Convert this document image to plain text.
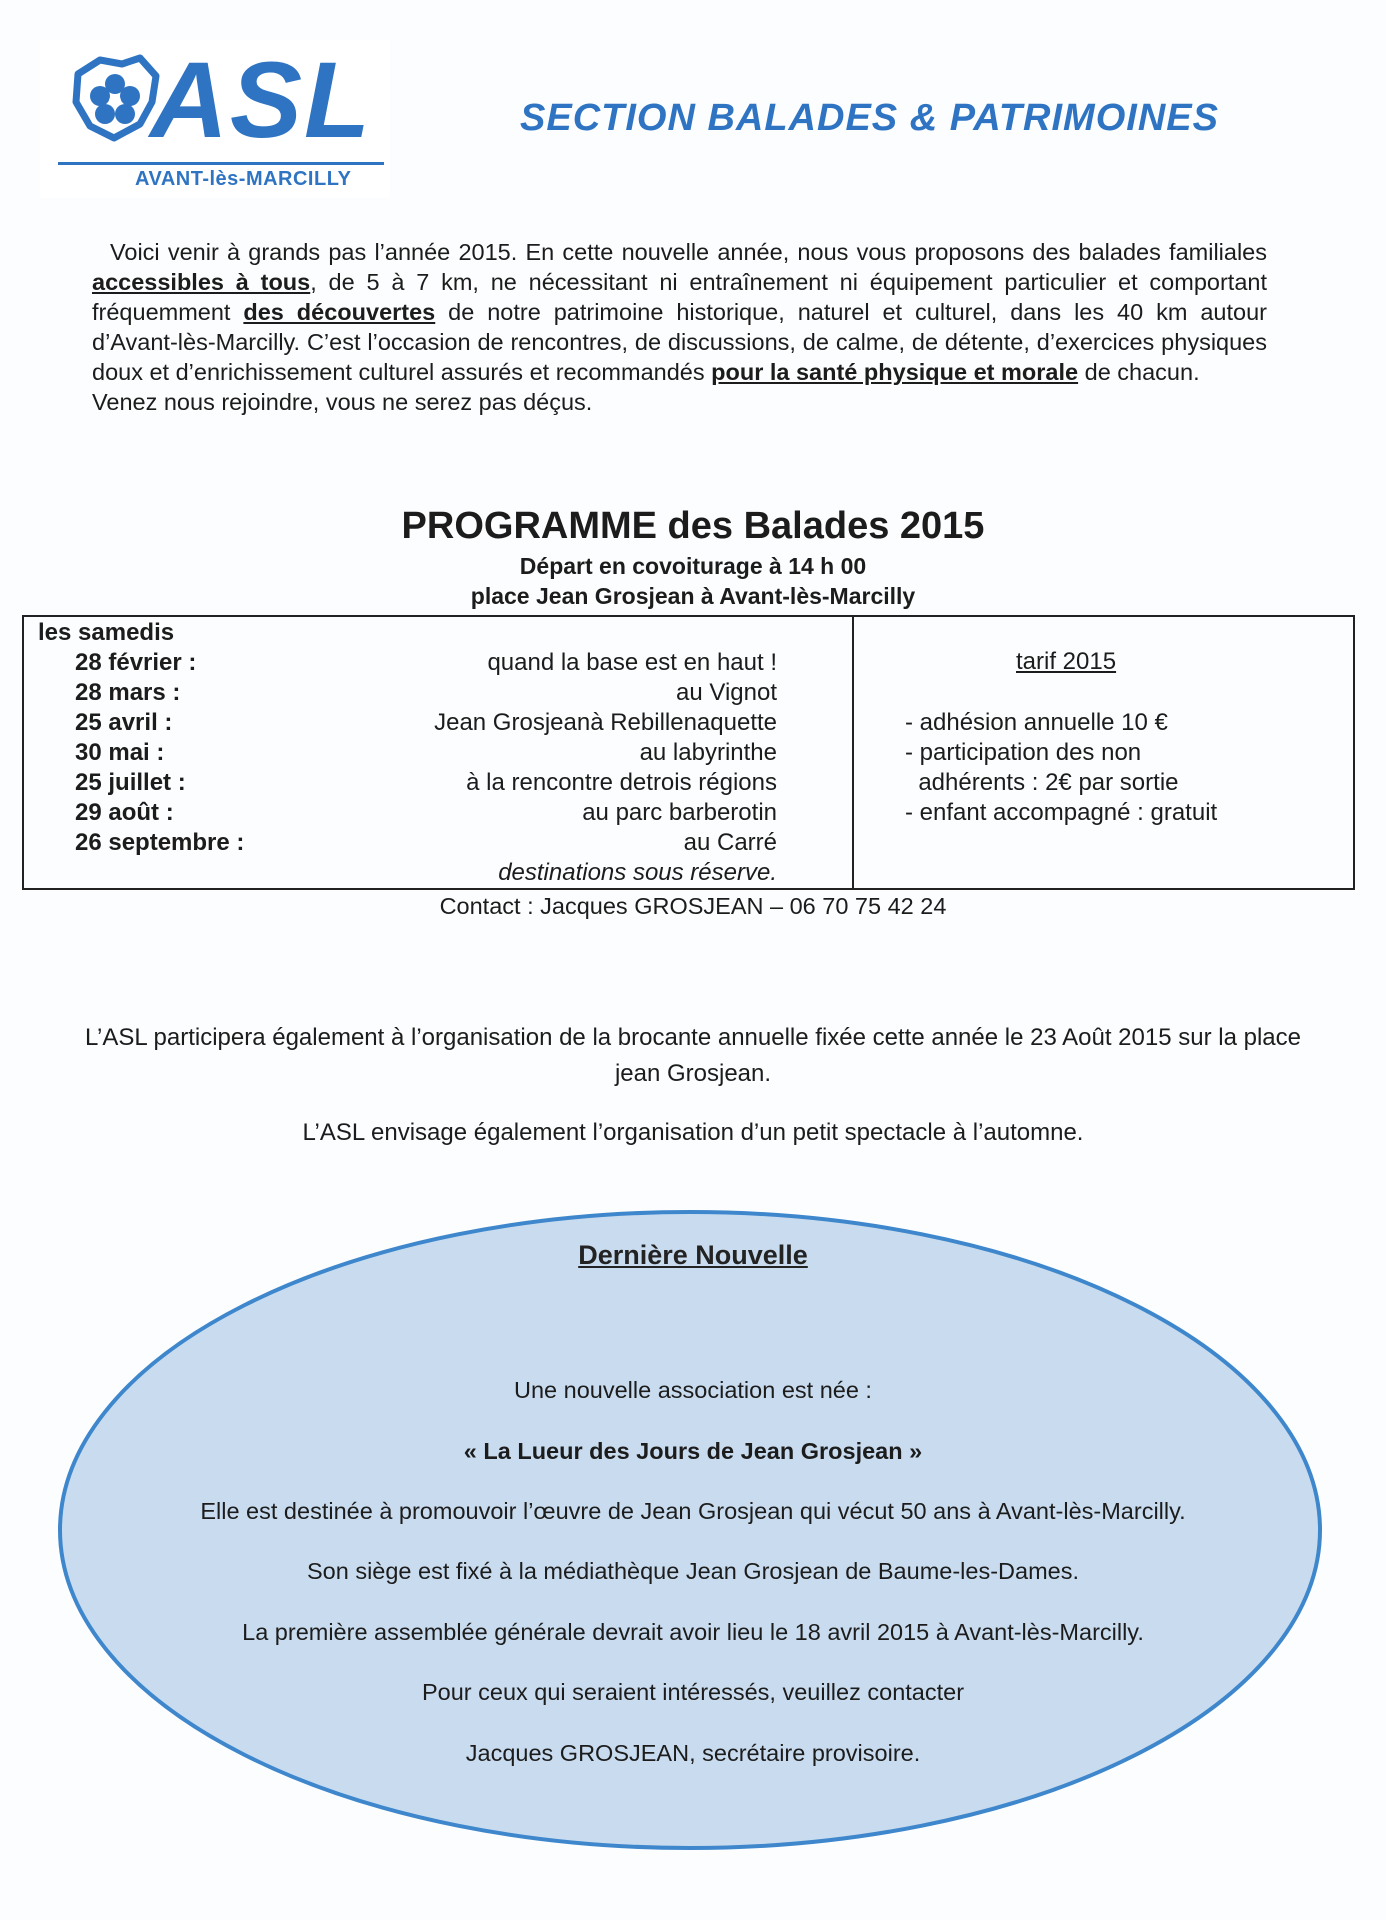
ASL
AVANT-lès-MARCILLY
SECTION BALADES & PATRIMOINES

Voici venir à grands pas l’année 2015. En cette nouvelle année, nous vous proposons des balades familiales accessibles à tous, de 5 à 7 km, ne nécessitant ni entraînement ni équipement particulier et comportant fréquemment des découvertes de notre patrimoine historique, naturel et culturel, dans les 40 km autour d’Avant-lès-Marcilly. C’est l’occasion de rencontres, de discussions, de calme, de détente, d’exercices physiques doux et d’enrichissement culturel assurés et recommandés pour la santé physique et morale de chacun.

Venez nous rejoindre, vous ne serez pas déçus.

PROGRAMME des Balades 2015
Départ en covoiturage à 14 h 00
place Jean Grosjean à Avant-lès-Marcilly
les samedis
28 février :
28 mars :
25 avril :
30 mai :
25 juillet :
29 août :
26 septembre :
quand la base est en haut !
au Vignot
Jean Grosjeanà Rebillenaquette
au labyrinthe
à la rencontre detrois régions
au parc barberotin
au Carré
destinations sous réserve.
tarif 2015
- adhésion annuelle 10 €
- participation des non
adhérents : 2€ par sortie
- enfant accompagné : gratuit
Contact : Jacques GROSJEAN – 06 70 75 42 24
L’ASL participera également à l’organisation de la brocante annuelle fixée cette année le 23 Août 2015 sur la place
jean Grosjean.
L’ASL envisage également l’organisation d’un petit spectacle à l’automne.
Dernière Nouvelle
Une nouvelle association est née :
« La Lueur des Jours de Jean Grosjean »
Elle est destinée à promouvoir l’œuvre de Jean Grosjean qui vécut 50 ans à Avant-lès-Marcilly.
Son siège est fixé à la médiathèque Jean Grosjean de Baume-les-Dames.
La première assemblée générale devrait avoir lieu le 18 avril 2015 à Avant-lès-Marcilly.
Pour ceux qui seraient intéressés, veuillez contacter
Jacques GROSJEAN, secrétaire provisoire.
